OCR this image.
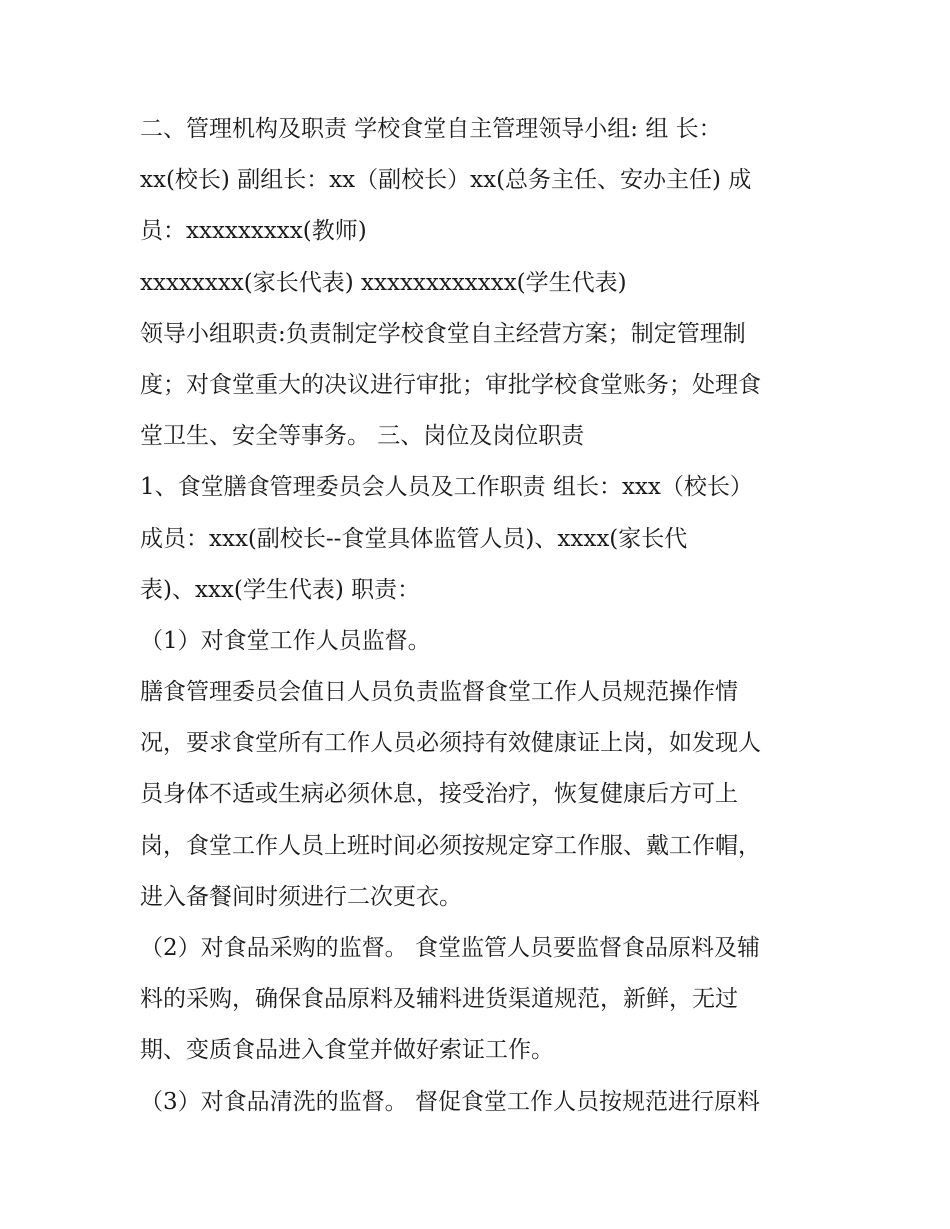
二、管理机构及职责 学校食堂自主管理领导小组: 组 长：
xx(校长) 副组长：xx（副校长）xx(总务主任、安办主任) 成
员：xxxxxxxxx(教师)
xxxxxxxx(家长代表) xxxxxxxxxxxx(学生代表)
领导小组职责:负责制定学校食堂自主经营方案；制定管理制
度；对食堂重大的决议进行审批；审批学校食堂账务；处理食
堂卫生、安全等事务。 三、岗位及岗位职责
1、食堂膳食管理委员会人员及工作职责 组长：xxx（校长）
成员：xxx(副校长--食堂具体监管人员)、xxxx(家长代
表)、xxx(学生代表) 职责：
（1）对食堂工作人员监督。
膳食管理委员会值日人员负责监督食堂工作人员规范操作情
况，要求食堂所有工作人员必须持有效健康证上岗，如发现人
员身体不适或生病必须休息，接受治疗，恢复健康后方可上
岗，食堂工作人员上班时间必须按规定穿工作服、戴工作帽，
进入备餐间时须进行二次更衣。
（2）对食品采购的监督。 食堂监管人员要监督食品原料及辅
料的采购，确保食品原料及辅料进货渠道规范，新鲜，无过
期、变质食品进入食堂并做好索证工作。
（3）对食品清洗的监督。 督促食堂工作人员按规范进行原料
